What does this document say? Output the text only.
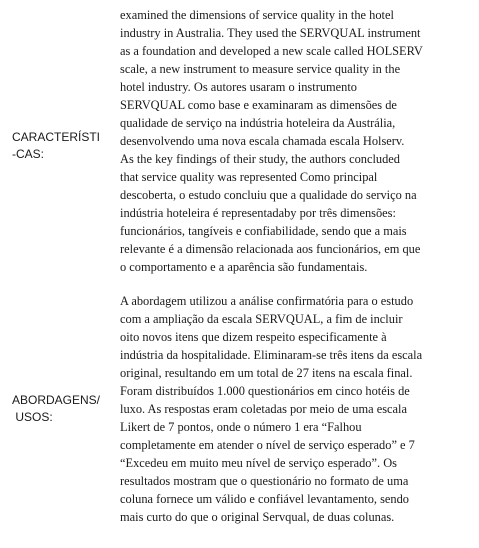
CARACTERÍSTI
-CAS:
examined the dimensions of service quality in the hotel
industry in Australia. They used the SERVQUAL instrument
as a foundation and developed a new scale called HOLSERV
scale, a new instrument to measure service quality in the
hotel industry. Os autores usaram o instrumento
SERVQUAL como base e examinaram as dimensões de
qualidade de serviço na indústria hoteleira da Austrália,
desenvolvendo uma nova escala chamada escala Holserv.
As the key findings of their study, the authors concluded
that service quality was represented Como principal
descoberta, o estudo concluiu que a qualidade do serviço na
indústria hoteleira é representadaby por três dimensões:
funcionários, tangíveis e confiabilidade, sendo que a mais
relevante é a dimensão relacionada aos funcionários, em que
o comportamento e a aparência são fundamentais.
ABORDAGENS/
USOS:
A abordagem utilizou a análise confirmatória para o estudo
com a ampliação da escala SERVQUAL, a fim de incluir
oito novos itens que dizem respeito especificamente à
indústria da hospitalidade. Eliminaram-se três itens da escala
original, resultando em um total de 27 itens na escala final.
Foram distribuídos 1.000 questionários em cinco hotéis de
luxo. As respostas eram coletadas por meio de uma escala
Likert de 7 pontos, onde o número 1 era “Falhou
completamente em atender o nível de serviço esperado” e 7
“Excedeu em muito meu nível de serviço esperado”. Os
resultados mostram que o questionário no formato de uma
coluna fornece um válido e confiável levantamento, sendo
mais curto do que o original Servqual, de duas colunas.
